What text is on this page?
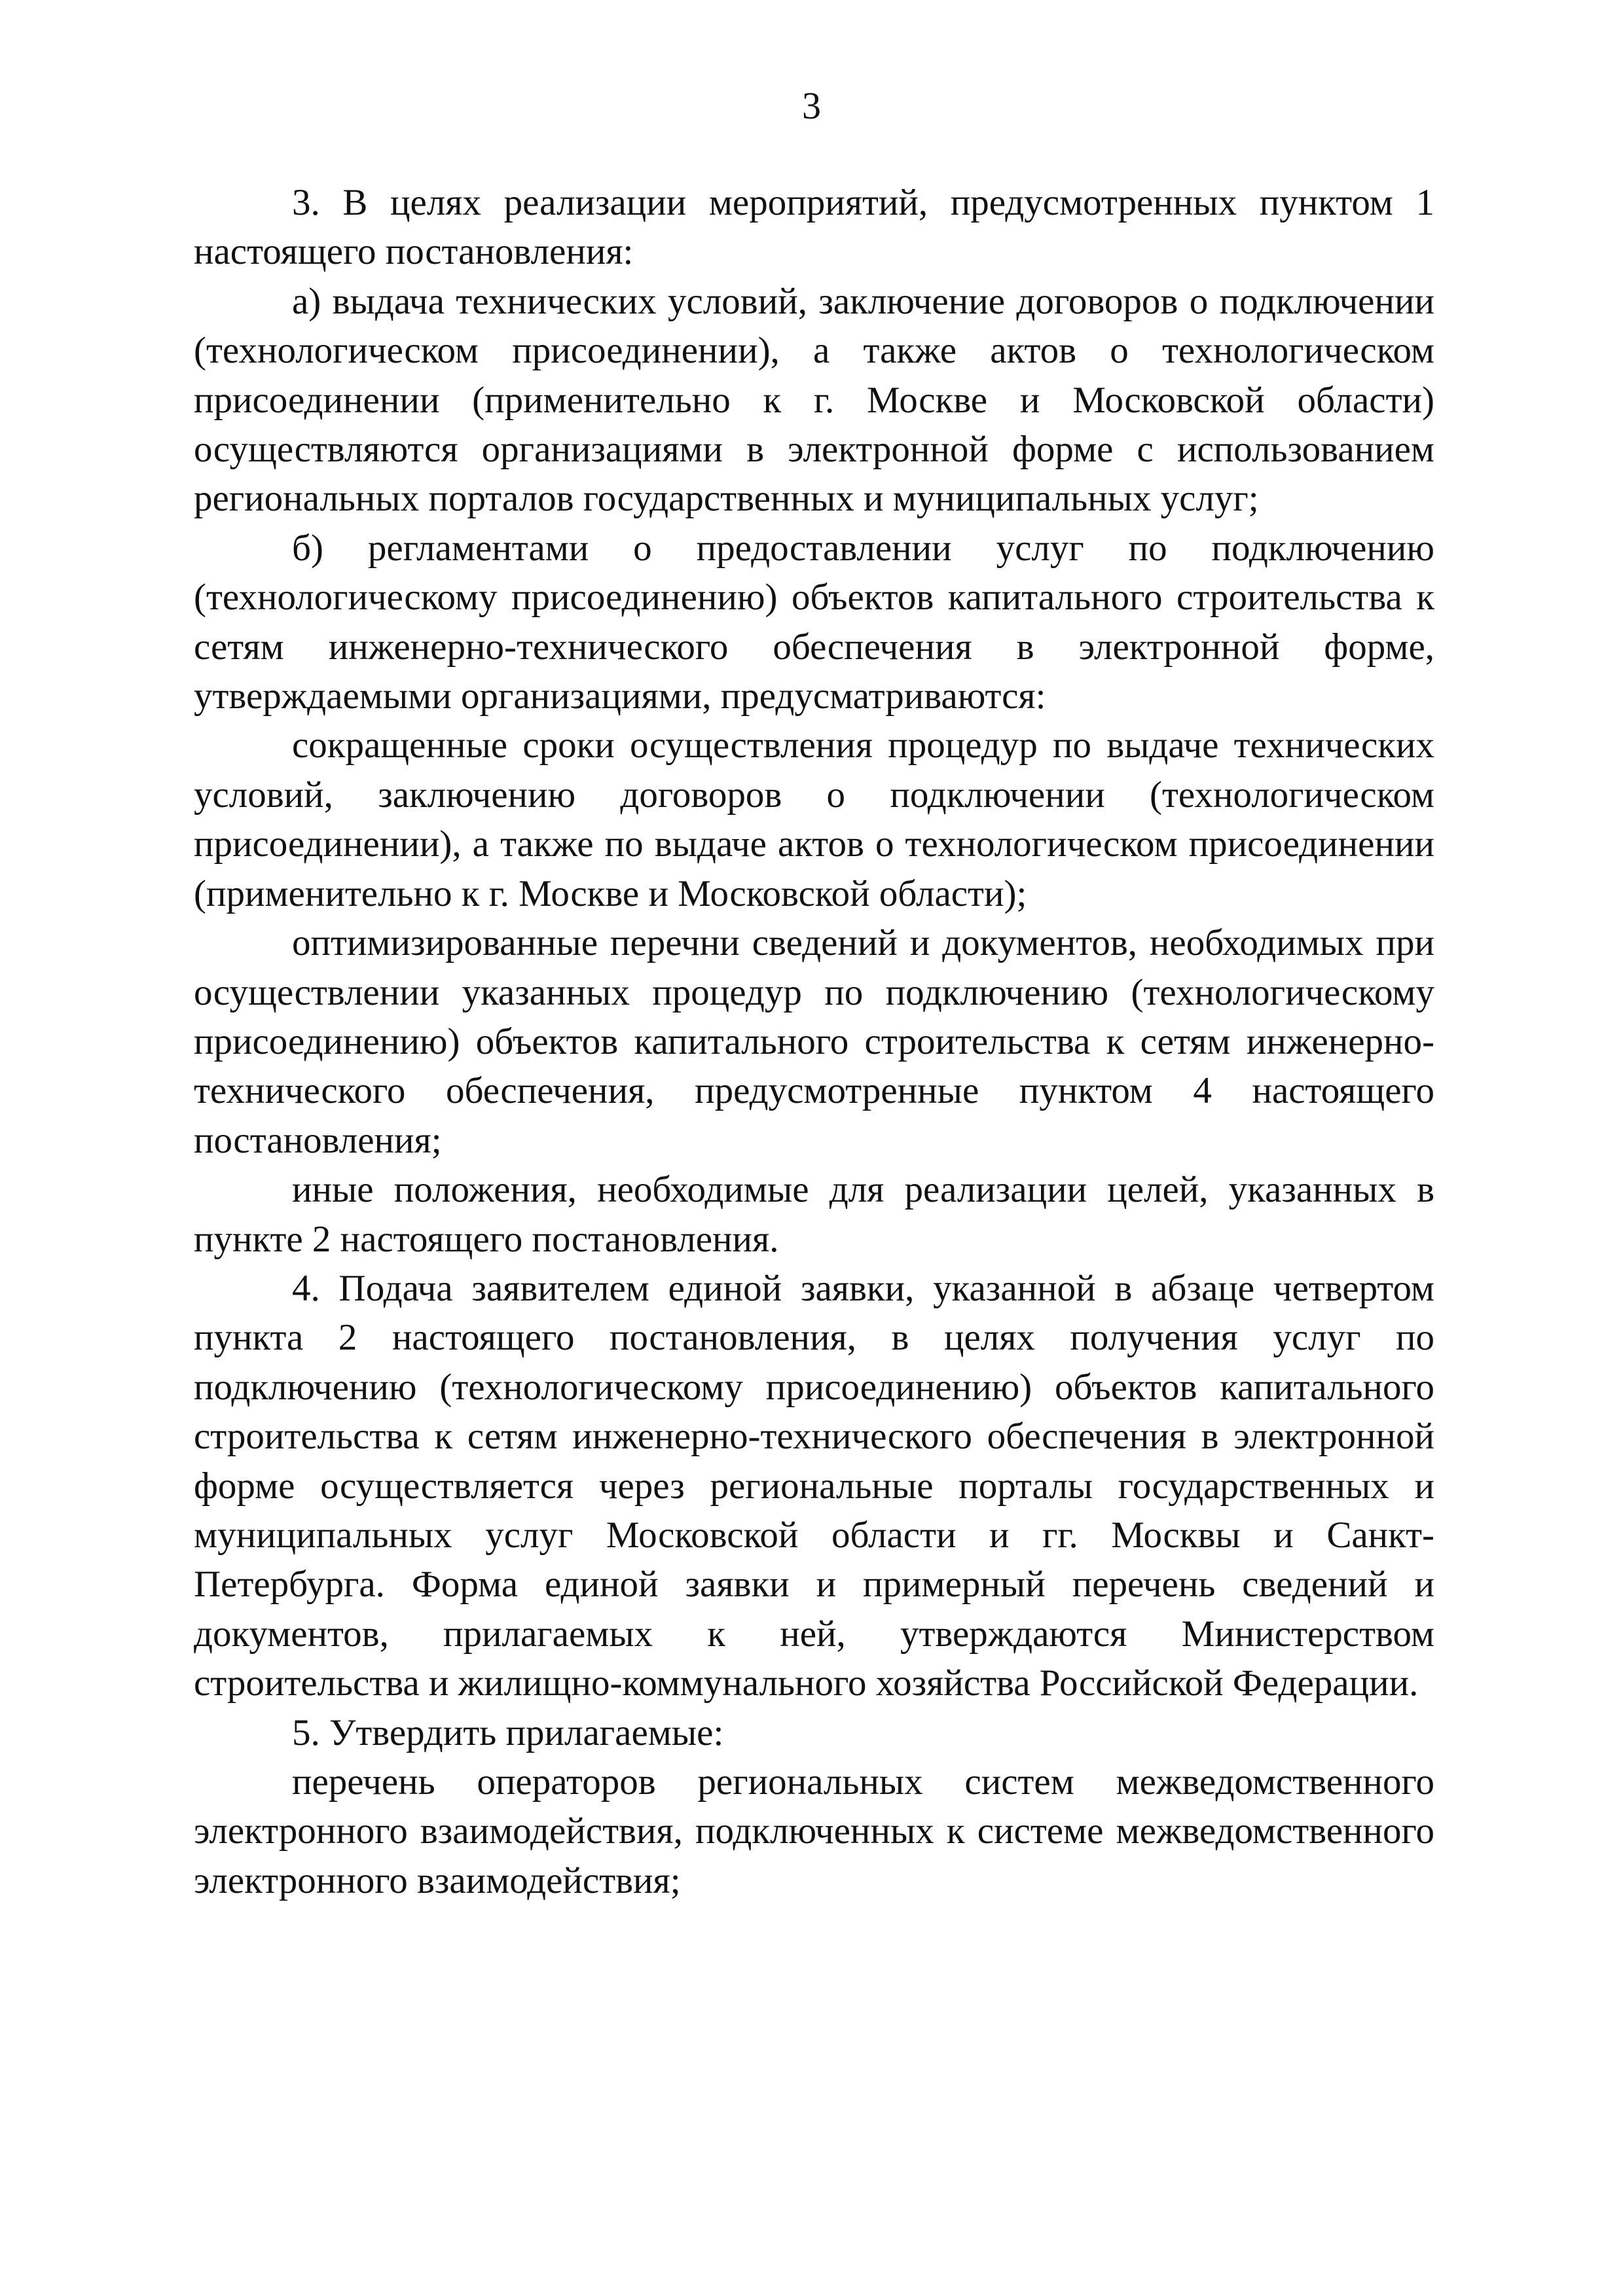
3

3. В целях реализации мероприятий, предусмотренных пунктом 1 настоящего постановления:

а) выдача технических условий, заключение договоров о подключении (технологическом присоединении), а также актов о технологическом присоединении (применительно к г. Москве и Московской области) осуществляются организациями в электронной форме с использованием региональных порталов государственных и муниципальных услуг;

б) регламентами о предоставлении услуг по подключению (технологическому присоединению) объектов капитального строительства к сетям инженерно-технического обеспечения в электронной форме, утверждаемыми организациями, предусматриваются:

сокращенные сроки осуществления процедур по выдаче технических условий, заключению договоров о подключении (технологическом присоединении), а также по выдаче актов о технологическом присоединении (применительно к г. Москве и Московской области);

оптимизированные перечни сведений и документов, необходимых при осуществлении указанных процедур по подключению (технологическому присоединению) объектов капитального строительства к сетям инженерно-технического обеспечения, предусмотренные пунктом 4 настоящего постановления;

иные положения, необходимые для реализации целей, указанных в пункте 2 настоящего постановления.

4. Подача заявителем единой заявки, указанной в абзаце четвертом пункта 2 настоящего постановления, в целях получения услуг по подключению (технологическому присоединению) объектов капитального строительства к сетям инженерно-технического обеспечения в электронной форме осуществляется через региональные порталы государственных и муниципальных услуг Московской области и гг. Москвы и Санкт-Петербурга. Форма единой заявки и примерный перечень сведений и документов, прилагаемых к ней, утверждаются Министерством строительства и жилищно-коммунального хозяйства Российской Федерации.

5. Утвердить прилагаемые:

перечень операторов региональных систем межведомственного электронного взаимодействия, подключенных к системе межведомственного электронного взаимодействия;
